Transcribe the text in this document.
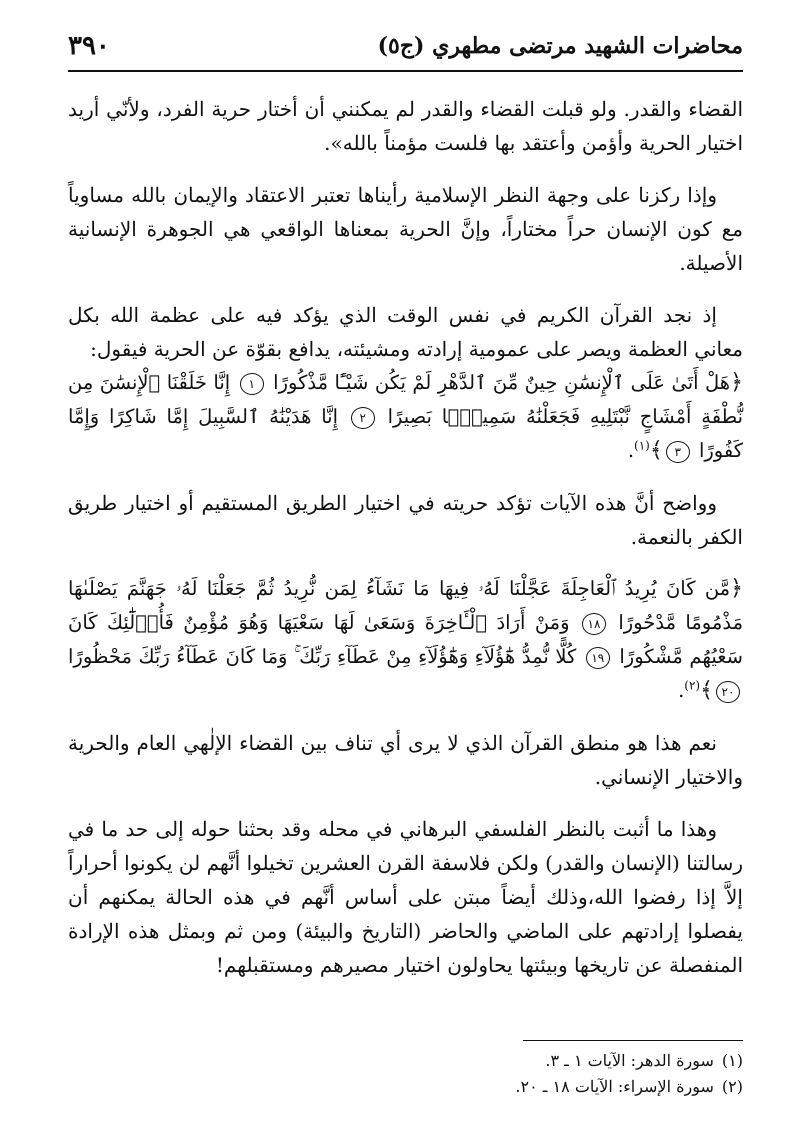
محاضرات الشهيد مرتضى مطهري (ج٥)
٣٩٠

القضاء والقدر. ولو قبلت القضاء والقدر لم يمكنني أن أختار حرية الفرد، ولأنّي أريد اختيار الحرية وأؤمن وأعتقد بها فلست مؤمناً بالله».

وإذا ركزنا على وجهة النظر الإسلامية رأيناها تعتبر الاعتقاد والإيمان بالله مساوياً مع كون الإنسان حراً مختاراً، وإنَّ الحرية بمعناها الواقعي هي الجوهرة الإنسانية الأصيلة.

إذ نجد القرآن الكريم في نفس الوقت الذي يؤكد فيه على عظمة الله بكل معاني العظمة ويصر على عمومية إرادته ومشيئته، يدافع بقوّة عن الحرية فيقول:

﴿هَلْ أَتَىٰ عَلَى ٱلْإِنسَٰنِ حِينٌ مِّنَ ٱلدَّهْرِ لَمْ يَكُن شَيْـًٔا مَّذْكُورًا ١ إِنَّا خَلَقْنَا ٱلْإِنسَٰنَ مِن نُّطْفَةٍ أَمْشَاجٍ نَّبْتَلِيهِ فَجَعَلْنَٰهُ سَمِيعًۢا بَصِيرًا ٢ إِنَّا هَدَيْنَٰهُ ٱلسَّبِيلَ إِمَّا شَاكِرًا وَإِمَّا كَفُورًا ٣﴾$^{(١)}$.

وواضح أنَّ هذه الآيات تؤكد حريته في اختيار الطريق المستقيم أو اختيار طريق الكفر بالنعمة.

﴿مَّن كَانَ يُرِيدُ ٱلْعَاجِلَةَ عَجَّلْنَا لَهُۥ فِيهَا مَا نَشَآءُ لِمَن نُّرِيدُ ثُمَّ جَعَلْنَا لَهُۥ جَهَنَّمَ يَصْلَىٰهَا مَذْمُومًا مَّدْحُورًا ١٨ وَمَنْ أَرَادَ ٱلْـَٔاخِرَةَ وَسَعَىٰ لَهَا سَعْيَهَا وَهُوَ مُؤْمِنٌ فَأُو۟لَٰٓئِكَ كَانَ سَعْيُهُم مَّشْكُورًا ١٩ كُلًّا نُّمِدُّ هَٰٓؤُلَآءِ وَهَٰٓؤُلَآءِ مِنْ عَطَآءِ رَبِّكَ ۚ وَمَا كَانَ عَطَآءُ رَبِّكَ مَحْظُورًا ٢٠﴾$^{(٢)}$.

نعم هذا هو منطق القرآن الذي لا يرى أي تناف بين القضاء الإلٰهي العام والحرية والاختيار الإنساني.

وهذا ما أثبت بالنظر الفلسفي البرهاني في محله وقد بحثنا حوله إلى حد ما في رسالتنا (الإنسان والقدر) ولكن فلاسفة القرن العشرين تخيلوا أنَّهم لن يكونوا أحراراً إلاَّ إذا رفضوا الله،وذلك أيضاً مبتن على أساس أنَّهم في هذه الحالة يمكنهم أن يفصلوا إرادتهم على الماضي والحاضر (التاريخ والبيئة) ومن ثم وبمثل هذه الإرادة المنفصلة عن تاريخها وبيئتها يحاولون اختيار مصيرهم ومستقبلهم!

(١)سورة الدهر: الآيات ١ ـ ٣.

(٢)سورة الإسراء: الآيات ١٨ ـ ٢٠.
